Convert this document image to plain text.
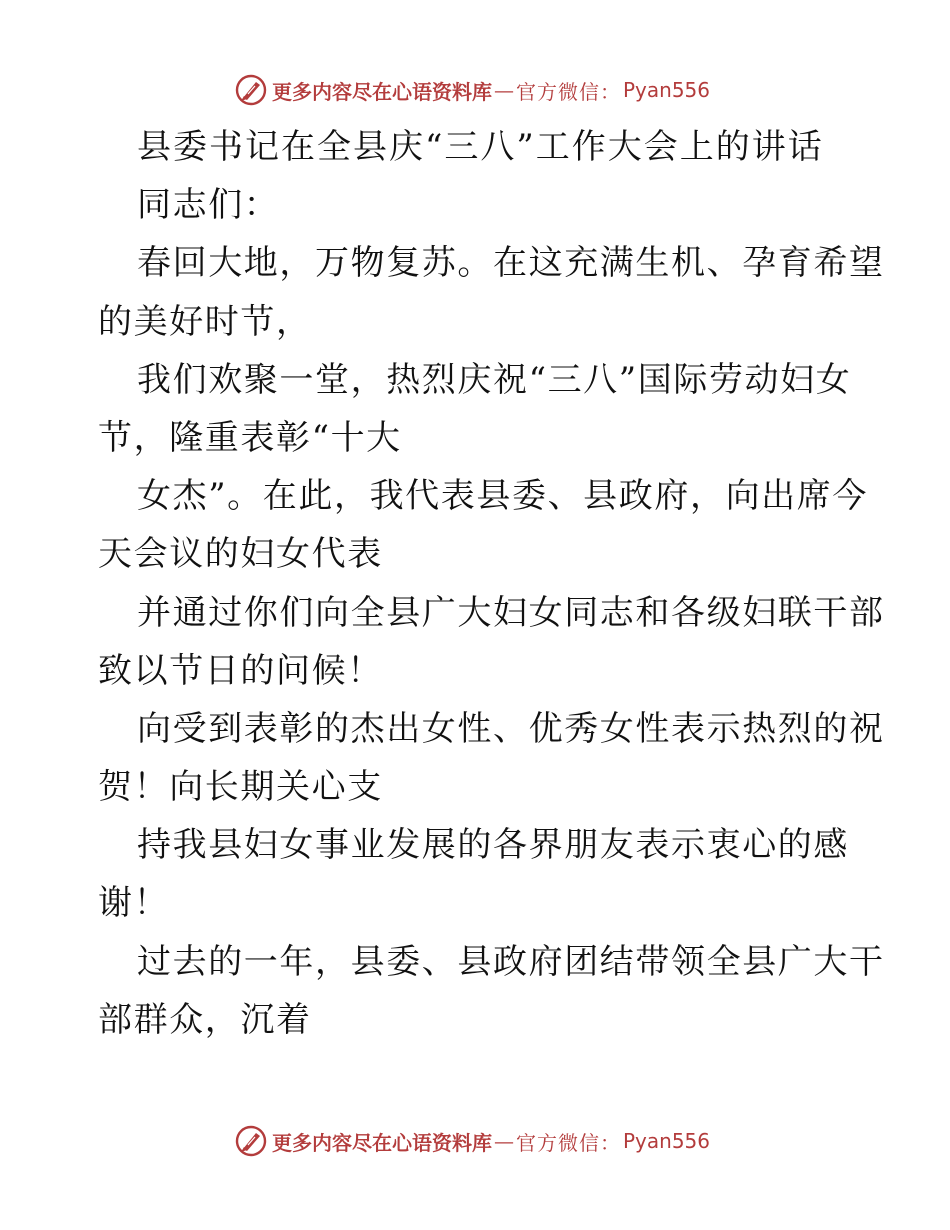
更多内容尽在心语资料库 — 官方微信： Pyan556

县委书记在全县庆“三八”工作大会上的讲话

同志们：

春回大地，万物复苏。在这充满生机、孕育希望

的美好时节，

我们欢聚一堂，热烈庆祝“三八”国际劳动妇女

节，隆重表彰“十大

女杰”。在此，我代表县委、县政府，向出席今

天会议的妇女代表

并通过你们向全县广大妇女同志和各级妇联干部

致以节日的问候！

向受到表彰的杰出女性、优秀女性表示热烈的祝

贺！向长期关心支

持我县妇女事业发展的各界朋友表示衷心的感

谢！

过去的一年，县委、县政府团结带领全县广大干

部群众，沉着

更多内容尽在心语资料库 — 官方微信： Pyan556
